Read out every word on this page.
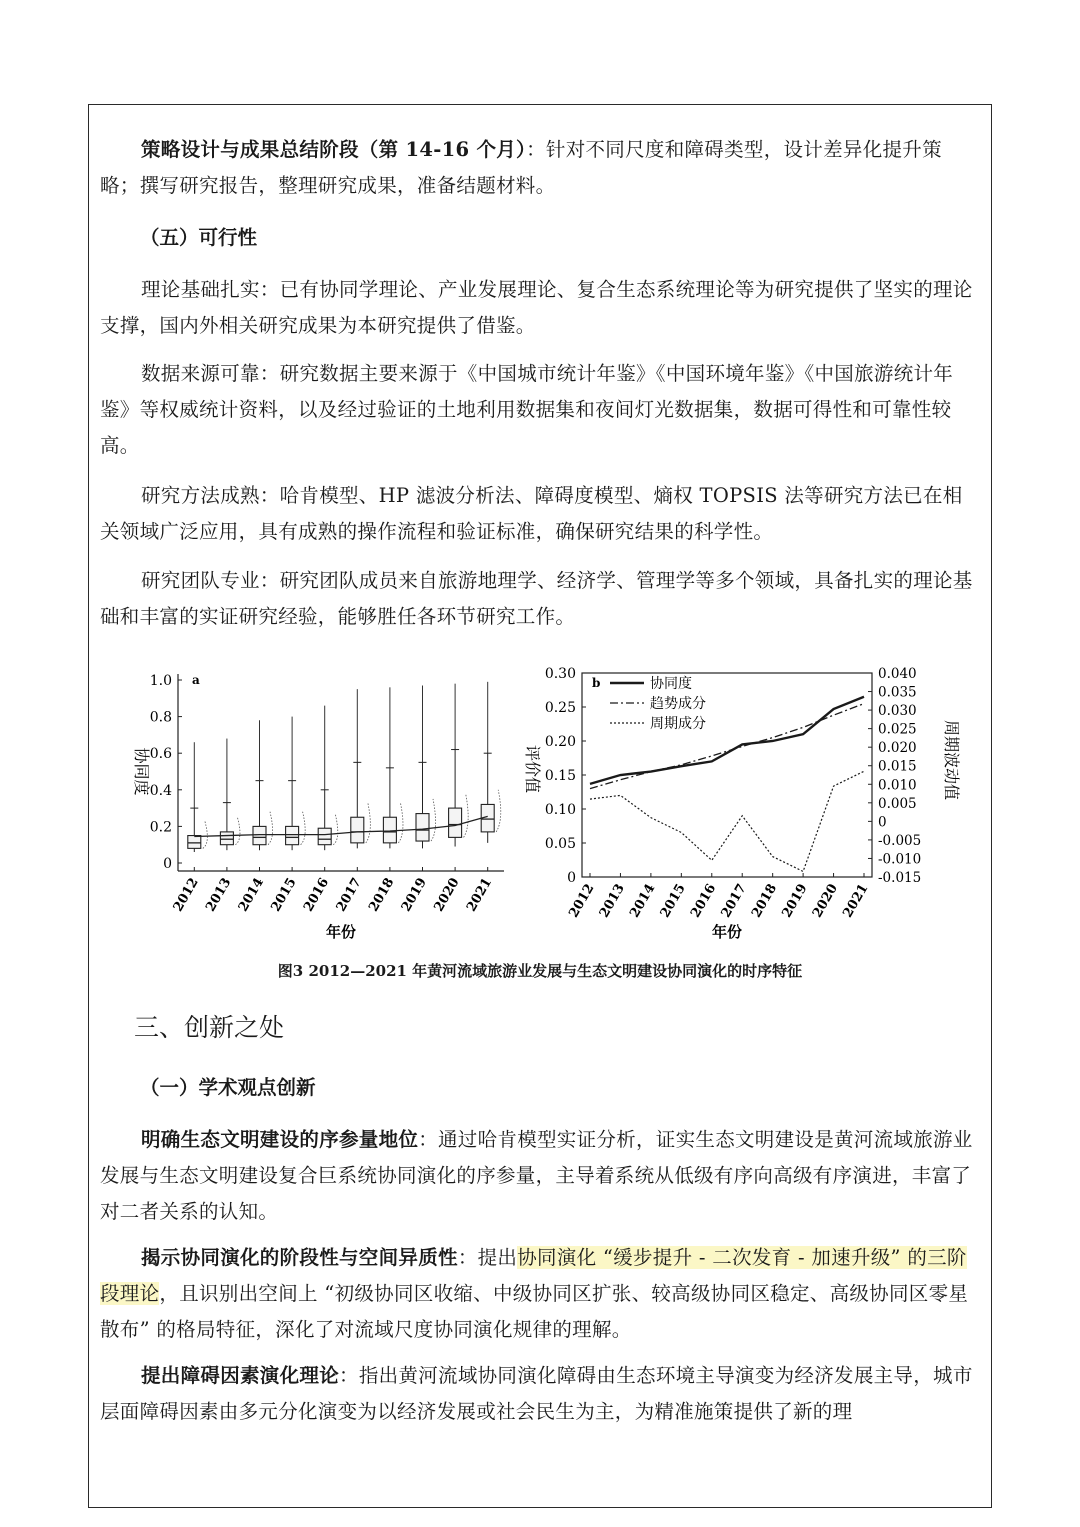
策略设计与成果总结阶段（第 14-16 个月）：针对不同尺度和障碍类型，设计差异化提升策略；撰写研究报告，整理研究成果，准备结题材料。

（五）可行性

理论基础扎实：已有协同学理论、产业发展理论、复合生态系统理论等为研究提供了坚实的理论支撑，国内外相关研究成果为本研究提供了借鉴。

数据来源可靠：研究数据主要来源于《中国城市统计年鉴》《中国环境年鉴》《中国旅游统计年鉴》等权威统计资料，以及经过验证的土地利用数据集和夜间灯光数据集，数据可得性和可靠性较高。

研究方法成熟：哈肯模型、HP 滤波分析法、障碍度模型、熵权 TOPSIS 法等研究方法已在相关领域广泛应用，具有成熟的操作流程和验证标准，确保研究结果的科学性。

研究团队专业：研究团队成员来自旅游地理学、经济学、管理学等多个领域，具备扎实的理论基础和丰富的实证研究经验，能够胜任各环节研究工作。

a
0
0.2
0.4
0.6
0.8
1.0
协同度
2012 2013 2014 2015 2016 2017 2018 2019 2020 2021
年份
b
0
0.05
0.10
0.15
0.20
0.25
0.30
-0.015
-0.010
-0.005
0
0.005
0.010
0.015
0.020
0.025
0.030
0.035
0.040
评价值	周期波动值
2012 2013 2014 2015 2016 2017 2018 2019 2020 2021
年份
协同度
趋势成分
周期成分

图3 2012—2021 年黄河流域旅游业发展与生态文明建设协同演化的时序特征

三、创新之处

（一）学术观点创新

明确生态文明建设的序参量地位：通过哈肯模型实证分析，证实生态文明建设是黄河流域旅游业发展与生态文明建设复合巨系统协同演化的序参量，主导着系统从低级有序向高级有序演进，丰富了对二者关系的认知。

揭示协同演化的阶段性与空间异质性：提出协同演化 “缓步提升 - 二次发育 - 加速升级” 的三阶段理论，且识别出空间上 “初级协同区收缩、中级协同区扩张、较高级协同区稳定、高级协同区零星散布” 的格局特征，深化了对流域尺度协同演化规律的理解。

提出障碍因素演化理论：指出黄河流域协同演化障碍由生态环境主导演变为经济发展主导，城市层面障碍因素由多元分化演变为以经济发展或社会民生为主，为精准施策提供了新的理
